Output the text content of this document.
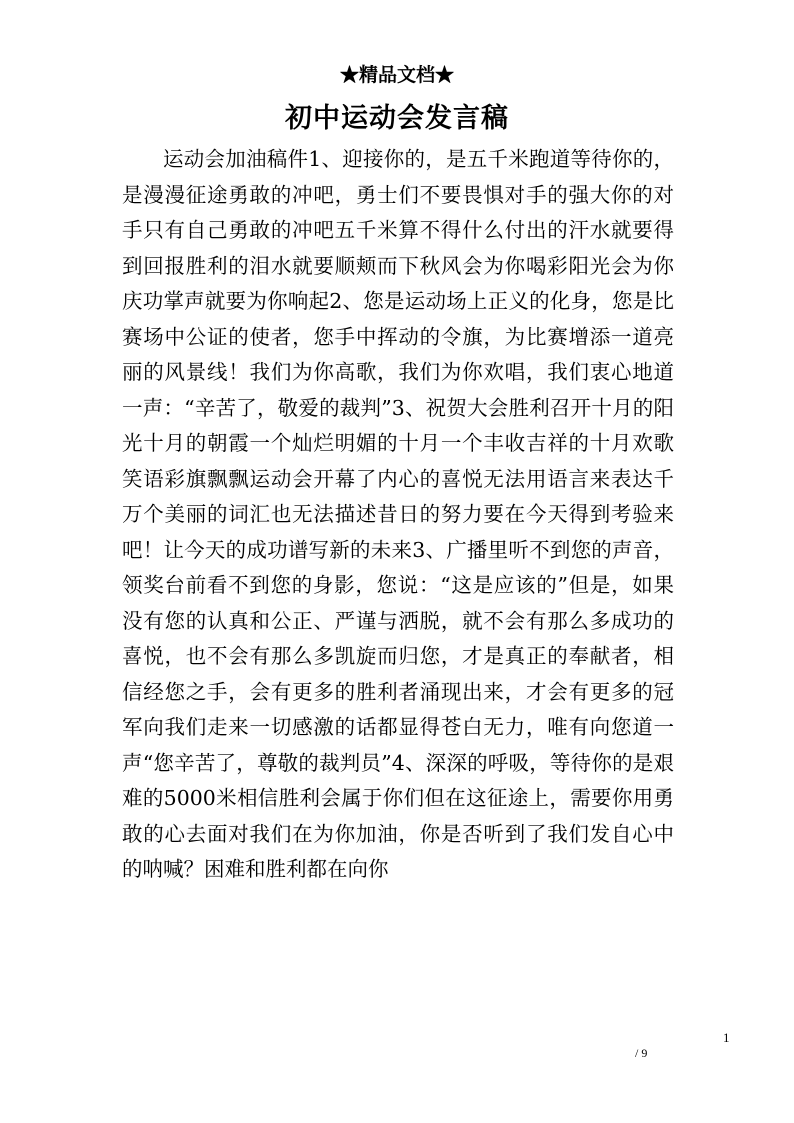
★精品文档★
初中运动会发言稿

运动会加油稿件1、迎接你的，是五千米跑道等待你的，是漫漫征途勇敢的冲吧，勇士们不要畏惧对手的强大你的对手只有自己勇敢的冲吧五千米算不得什么付出的汗水就要得到回报胜利的泪水就要顺颊而下秋风会为你喝彩阳光会为你庆功掌声就要为你响起2、您是运动场上正义的化身，您是比赛场中公证的使者，您手中挥动的令旗，为比赛增添一道亮丽的风景线！我们为你高歌，我们为你欢唱，我们衷心地道一声：“辛苦了，敬爱的裁判”3、祝贺大会胜利召开十月的阳光十月的朝霞一个灿烂明媚的十月一个丰收吉祥的十月欢歌笑语彩旗飘飘运动会开幕了内心的喜悦无法用语言来表达千万个美丽的词汇也无法描述昔日的努力要在今天得到考验来吧！让今天的成功谱写新的未来3、广播里听不到您的声音，领奖台前看不到您的身影，您说：“这是应该的”但是，如果没有您的认真和公正、严谨与洒脱，就不会有那么多成功的喜悦，也不会有那么多凯旋而归您，才是真正的奉献者，相信经您之手，会有更多的胜利者涌现出来，才会有更多的冠军向我们走来一切感激的话都显得苍白无力，唯有向您道一声“您辛苦了，尊敬的裁判员”4、深深的呼吸，等待你的是艰难的5000米相信胜利会属于你们但在这征途上，需要你用勇敢的心去面对我们在为你加油，你是否听到了我们发自心中的呐喊？困难和胜利都在向你

1
/ 9
